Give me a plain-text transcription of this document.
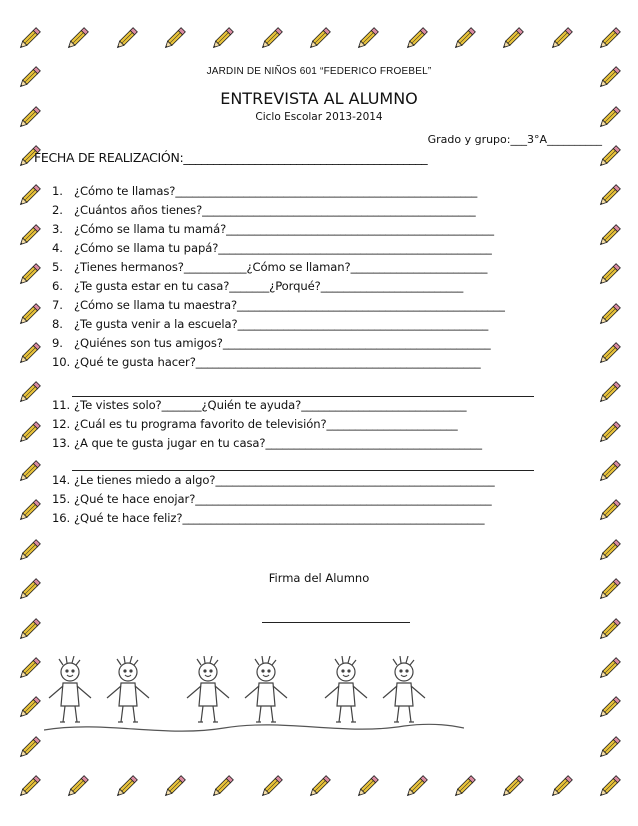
JARDIN DE NIÑOS 601 “FEDERICO FROEBEL”
ENTREVISTA AL ALUMNO
Ciclo Escolar 2013-2014
Grado y grupo:___3°A__________
FECHA DE REALIZACIÓN:_________________________________________
1. ¿Cómo te llamas?_____________________________________________________
2. ¿Cuántos años tienes?________________________________________________
3. ¿Cómo se llama tu mamá?_______________________________________________
4. ¿Cómo se llama tu papá?________________________________________________
5. ¿Tienes hermanos?___________¿Cómo se llaman?________________________
6. ¿Te gusta estar en tu casa?_______¿Porqué?_________________________
7. ¿Cómo se llama tu maestra?_______________________________________________
8. ¿Te gusta venir a la escuela?____________________________________________
9. ¿Quiénes son tus amigos?_______________________________________________
10. ¿Qué te gusta hacer?__________________________________________________
11. ¿Te vistes solo?_______¿Quién te ayuda?_____________________________
12. ¿Cuál es tu programa favorito de televisión?_______________________
13. ¿A que te gusta jugar en tu casa?______________________________________
14. ¿Le tienes miedo a algo?_________________________________________________
15. ¿Qué te hace enojar?____________________________________________________
16. ¿Qué te hace feliz?_____________________________________________________
Firma del Alumno
